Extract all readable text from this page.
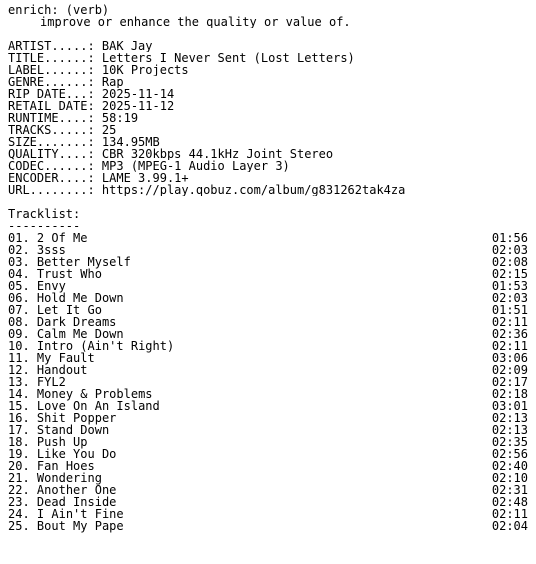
enrich: (verb)
improve or enhance the quality or value of.
ARTIST.....: BAK Jay
TITLE......: Letters I Never Sent (Lost Letters)
LABEL......: 10K Projects
GENRE......: Rap
RIP DATE...: 2025-11-14
RETAIL DATE: 2025-11-12
RUNTIME....: 58:19
TRACKS.....: 25
SIZE.......: 134.95MB
QUALITY....: CBR 320kbps 44.1kHz Joint Stereo
CODEC......: MP3 (MPEG-1 Audio Layer 3)
ENCODER....: LAME 3.99.1+
URL........: https://play.qobuz.com/album/g831262tak4za
Tracklist:
----------
01. 2 Of Me	01:56
02. 3sss	02:03
03. Better Myself	02:08
04. Trust Who	02:15
05. Envy	01:53
06. Hold Me Down	02:03
07. Let It Go	01:51
08. Dark Dreams	02:11
09. Calm Me Down	02:36
10. Intro (Ain't Right)	02:11
11. My Fault	03:06
12. Handout	02:09
13. FYL2	02:17
14. Money & Problems	02:18
15. Love On An Island	03:01
16. Shit Popper	02:13
17. Stand Down	02:13
18. Push Up	02:35
19. Like You Do	02:56
20. Fan Hoes	02:40
21. Wondering	02:10
22. Another One	02:31
23. Dead Inside	02:48
24. I Ain't Fine	02:11
25. Bout My Pape	02:04
